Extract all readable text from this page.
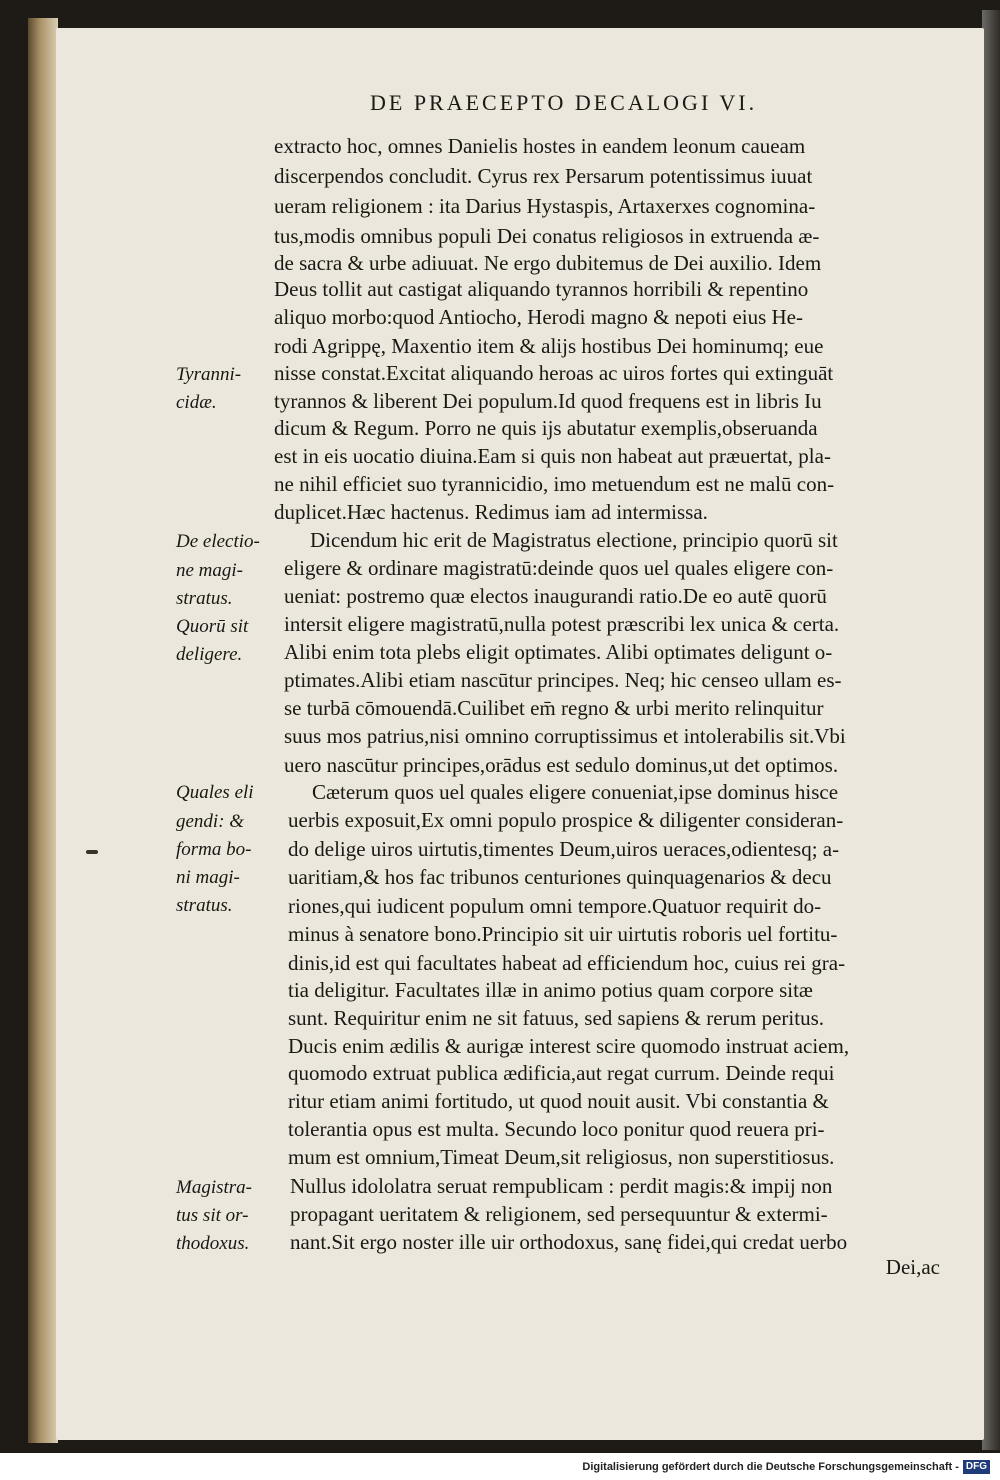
DE PRAECEPTO DECALOGI VI.
extracto hoc, omnes Danielis hostes in eandem leonum caueam
discerpendos concludit. Cyrus rex Persarum potentissimus iuuat
ueram religionem : ita Darius Hystaspis, Artaxerxes cognomina-
tus,modis omnibus populi Dei conatus religiosos in extruenda æ-
de sacra & urbe adiuuat. Ne ergo dubitemus de Dei auxilio. Idem
Deus tollit aut castigat aliquando tyrannos horribili & repentino
aliquo morbo:quod Antiocho, Herodi magno & nepoti eius He-
rodi Agrippę, Maxentio item & alijs hostibus Dei hominumq; eue
nisse constat.Excitat aliquando heroas ac uiros fortes qui extinguāt
tyrannos & liberent Dei populum.Id quod frequens est in libris Iu
dicum & Regum. Porro ne quis ijs abutatur exemplis,obseruanda
est in eis uocatio diuina.Eam si quis non habeat aut præuertat, pla-
ne nihil efficiet suo tyrannicidio, imo metuendum est ne malū con-
duplicet.Hæc hactenus. Redimus iam ad intermissa.
Dicendum hic erit de Magistratus electione, principio quorū sit
eligere & ordinare magistratū:deinde quos uel quales eligere con-
ueniat: postremo quæ electos inaugurandi ratio.De eo autē quorū
intersit eligere magistratū,nulla potest præscribi lex unica & certa.
Alibi enim tota plebs eligit optimates. Alibi optimates deligunt o-
ptimates.Alibi etiam nascūtur principes. Neq; hic censeo ullam es-
se turbā cōmouendā.Cuilibet em̄ regno & urbi merito relinquitur
suus mos patrius,nisi omnino corruptissimus et intolerabilis sit.Vbi
uero nascūtur principes,orādus est sedulo dominus,ut det optimos.
Cæterum quos uel quales eligere conueniat,ipse dominus hisce
uerbis exposuit,Ex omni populo prospice & diligenter consideran-
do delige uiros uirtutis,timentes Deum,uiros ueraces,odientesq; a-
uaritiam,& hos fac tribunos centuriones quinquagenarios & decu
riones,qui iudicent populum omni tempore.Quatuor requirit do-
minus à senatore bono.Principio sit uir uirtutis roboris uel fortitu-
dinis,id est qui facultates habeat ad efficiendum hoc, cuius rei gra-
tia deligitur. Facultates illæ in animo potius quam corpore sitæ
sunt. Requiritur enim ne sit fatuus, sed sapiens & rerum peritus.
Ducis enim ædilis & aurigæ interest scire quomodo instruat aciem,
quomodo extruat publica ædificia,aut regat currum. Deinde requi
ritur etiam animi fortitudo, ut quod nouit ausit. Vbi constantia &
tolerantia opus est multa. Secundo loco ponitur quod reuera pri-
mum est omnium,Timeat Deum,sit religiosus, non superstitiosus.
Nullus idololatra seruat rempublicam : perdit magis:& impij non
propagant ueritatem & religionem, sed persequuntur & extermi-
nant.Sit ergo noster ille uir orthodoxus, sanę fidei,qui credat uerbo
Dei,ac
Tyranni-
cidæ.
De electio-
ne magi-
stratus.
Quorū sit
deligere.
Quales eli
gendi: &
forma bo-
ni magi-
stratus.
Magistra-
tus sit or-
thodoxus.
Digitalisierung gefördert durch die Deutsche Forschungsgemeinschaft - DFG
